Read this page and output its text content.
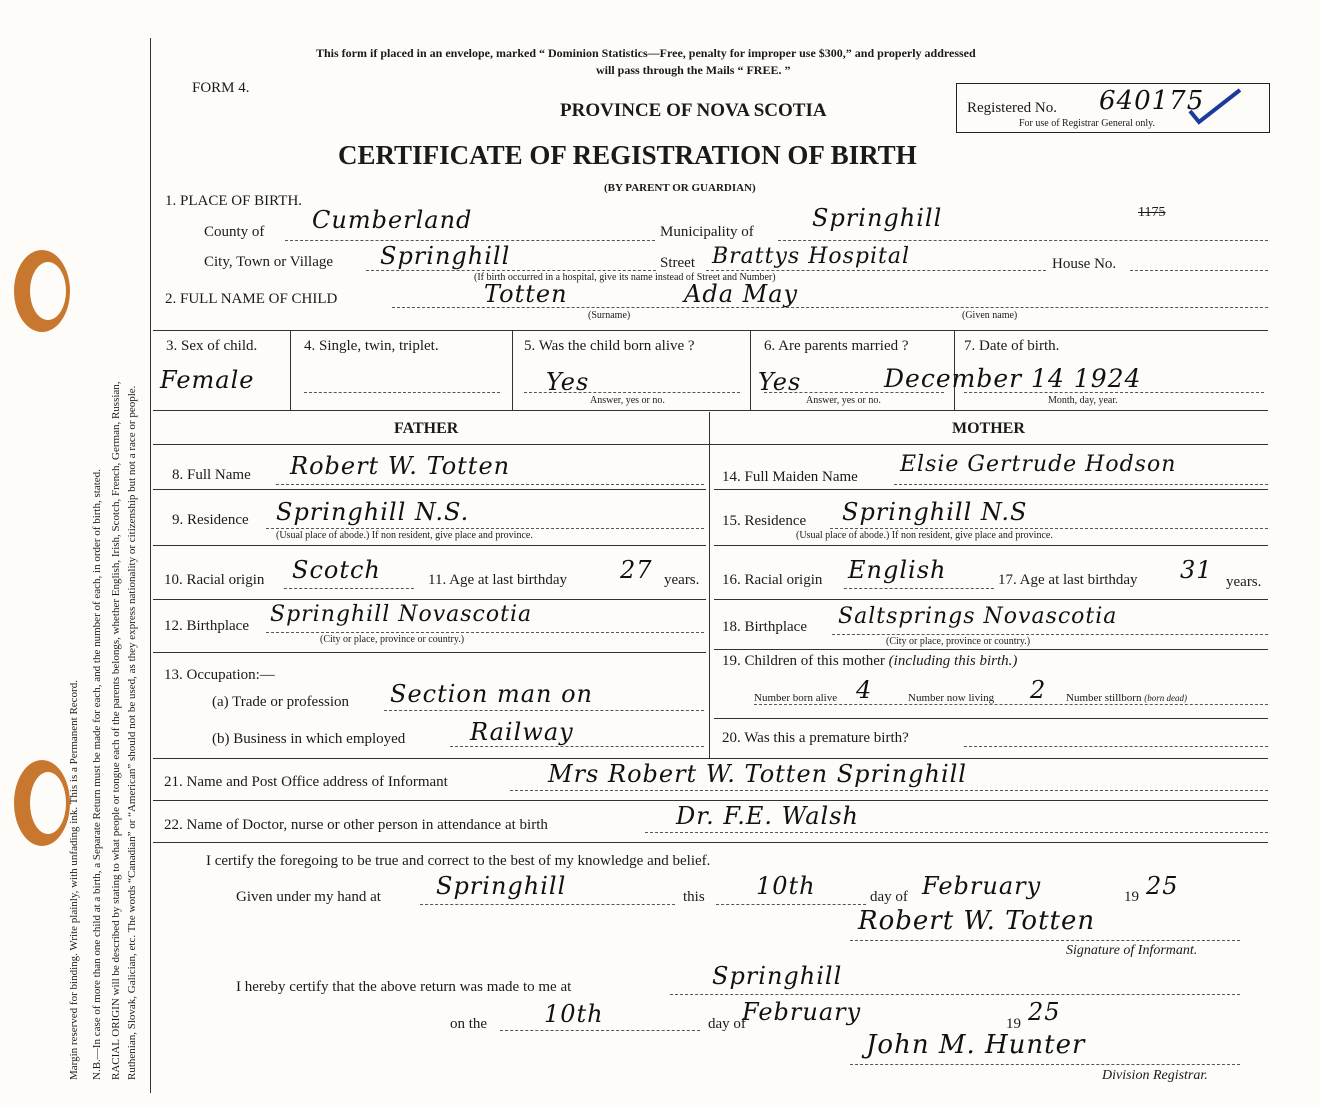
Margin reserved for binding. Write plainly, with unfading ink. This is a Permanent Record. N.B.—In case of more than one child at a birth, a Separate Return must be made for each, and the number of each, in order of birth, stated. RACIAL ORIGIN will be described by stating to what people or tongue each of the parents belongs, whether English, Irish, Scotch, French, German, Russian, Ruthenian, Slovak, Galician, etc. The words “Canadian” or “American” should not be used, as they express nationality or citizenship but not a race or people.
This form if placed in an envelope, marked “ Dominion Statistics—Free, penalty for improper use $300,” and properly addressed
will pass through the Mails “ FREE. ”
FORM 4.
PROVINCE OF NOVA SCOTIA
CERTIFICATE OF REGISTRATION OF BIRTH
(BY PARENT OR GUARDIAN)
Registered No. 640175
For use of Registrar General only.
1. PLACE OF BIRTH.
County of Cumberland	Municipality of Springhill	1175
City, Town or Village Springhill	Street Brattys Hospital	House No.
(If birth occurred in a hospital, give its name instead of Street and Number)
2. FULL NAME OF CHILD	Totten	Ada May
(Surname)	(Given name)
3. Sex of child.
Female
4. Single, twin, triplet.	5. Was the child born alive ?
Yes
Answer, yes or no.
6. Are parents married ?
Yes
Answer, yes or no.
7. Date of birth.
December 14 1924
Month, day, year.
FATHER	MOTHER
8. Full Name Robert W. Totten
9. Residence Springhill N.S.
(Usual place of abode.) If non resident, give place and province.
10. Racial origin Scotch	11. Age at last birthday 27 years.
12. Birthplace Springhill Novascotia
(City or place, province or country.)
13. Occupation:—
(a) Trade or profession Section man on
(b) Business in which employed	Railway
14. Full Maiden Name Elsie Gertrude Hodson
15. Residence Springhill N.S
(Usual place of abode.) If non resident, give place and province.
16. Racial origin English	17. Age at last birthday 31 years.
18. Birthplace Saltsprings Novascotia
(City or place, province or country.)
19. Children of this mother (including this birth.)
Number born alive 4	Number now living 2 Number stillborn (born dead)
20. Was this a premature birth?
21. Name and Post Office address of Informant	Mrs Robert W. Totten Springhill
22. Name of Doctor, nurse or other person in attendance at birth	Dr. F.E. Walsh
I certify the foregoing to be true and correct to the best of my knowledge and belief.
Given under my hand at Springhill	this 10th	day of February	19 25
Robert W. Totten
Signature of Informant.
I hereby certify that the above return was made to me at	Springhill
on the 10th	day of
February	19 25
John M. Hunter
Division Registrar.
